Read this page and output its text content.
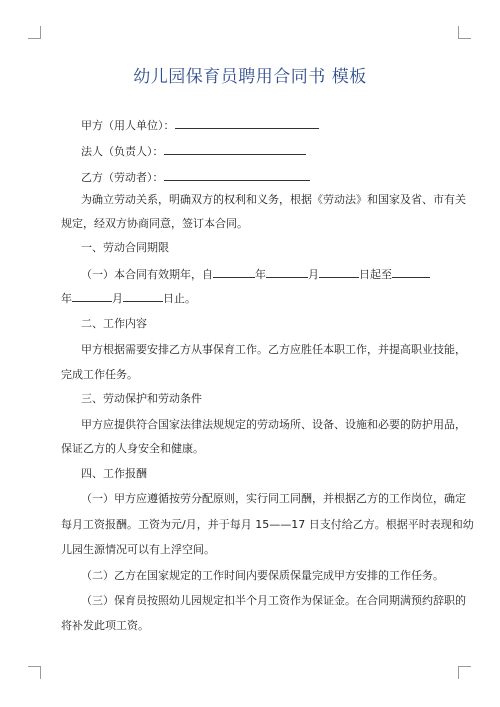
幼儿园保育员聘用合同书 模板
甲方（用人单位）：
法人（负责人）：
乙方（劳动者）：
为确立劳动关系，明确双方的权利和义务，根据《劳动法》和国家及省、市有关
规定，经双方协商同意，签订本合同。
一、劳动合同期限
（一）本合同有效期年，自	年	月	日起至
年	月	日止。
二、工作内容
甲方根据需要安排乙方从事保育工作。乙方应胜任本职工作，并提高职业技能，
完成工作任务。
三、劳动保护和劳动条件
甲方应提供符合国家法律法规规定的劳动场所、设备、设施和必要的防护用品，
保证乙方的人身安全和健康。
四、工作报酬
（一）甲方应遵循按劳分配原则，实行同工同酬，并根据乙方的工作岗位，确定
每月工资报酬。工资为元/月，并于每月 15——17 日支付给乙方。根据平时表现和幼
儿园生源情况可以有上浮空间。
（二）乙方在国家规定的工作时间内要保质保量完成甲方安排的工作任务。
（三）保育员按照幼儿园规定扣半个月工资作为保证金。在合同期满预约辞职的
将补发此项工资。
